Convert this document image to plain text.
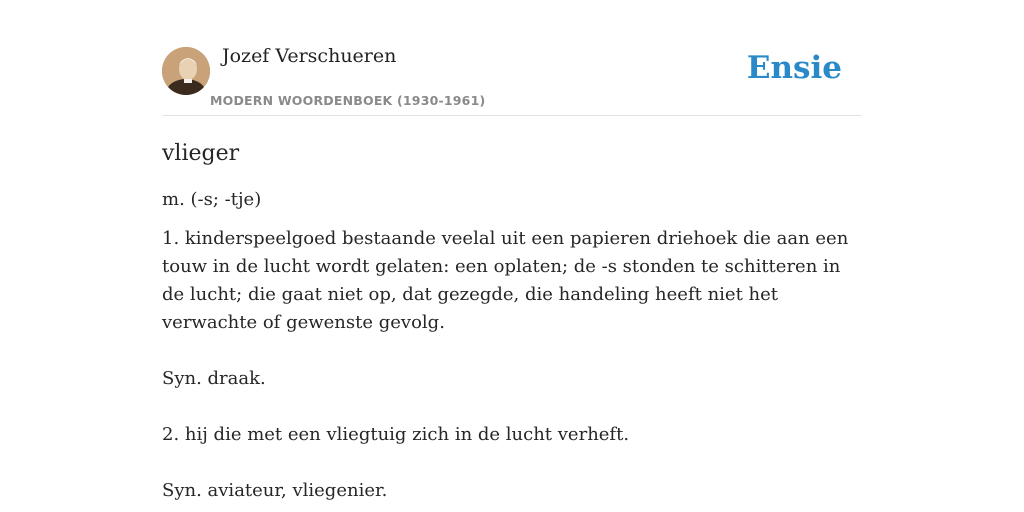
Jozef Verschueren
MODERN WOORDENBOEK (1930-1961)
Ensie
vlieger

m. (-s; -tje)

1. kinderspeelgoed bestaande veelal uit een papieren driehoek die aan een touw in de lucht wordt gelaten: een oplaten; de -s stonden te schitteren in de lucht; die gaat niet op, dat gezegde, die handeling heeft niet het verwachte of gewenste gevolg.

Syn. draak.

2. hij die met een vliegtuig zich in de lucht verheft.

Syn. aviateur, vliegenier.
